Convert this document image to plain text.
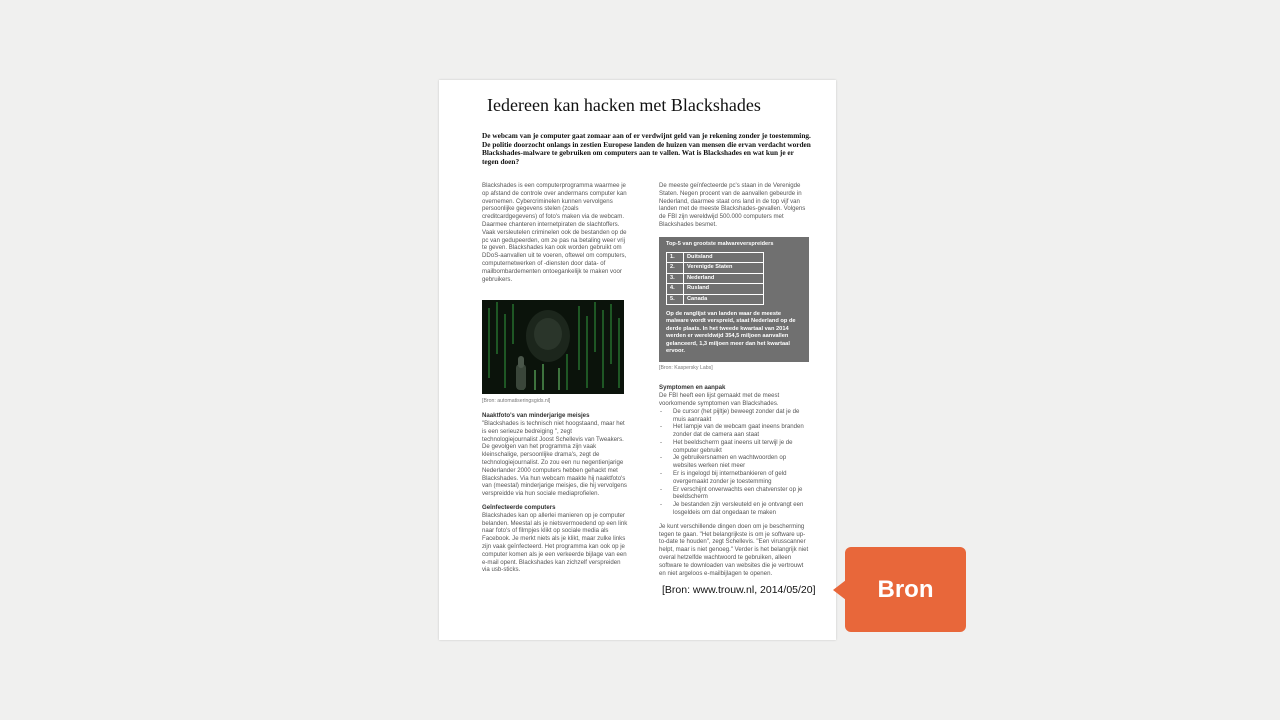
Iedereen kan hacken met Blackshades
De webcam van je computer gaat zomaar aan of er verdwijnt geld van je rekening zonder je toestemming. De politie doorzocht onlangs in zestien Europese landen de huizen van mensen die ervan verdacht worden Blackshades-malware te gebruiken om computers aan te vallen. Wat is Blackshades en wat kun je er tegen doen?

Blackshades is een computerprogramma waarmee je op afstand de controle over andermans computer kan overnemen. Cybercriminelen kunnen vervolgens persoonlijke gegevens stelen (zoals creditcardgegevens) of foto's maken via de webcam. Daarmee chanteren internetpiraten de slachtoffers. Vaak versleutelen criminelen ook de bestanden op de pc van gedupeerden, om ze pas na betaling weer vrij te geven. Blackshades kan ook worden gebruikt om DDoS-aanvallen uit te voeren, oftewel om computers, computernetwerken of -diensten door data- of mailbombardementen ontoegankelijk te maken voor gebruikers.

[Bron: automatiseringsgids.nl]
Naaktfoto's van minderjarige meisjes

"Blackshades is technisch niet hoogstaand, maar het is een serieuze bedreiging ", zegt technologiejournalist Joost Schellevis van Tweakers. De gevolgen van het programma zijn vaak kleinschalige, persoonlijke drama's, zegt de technologiejournalist. Zo zou een nu negentienjarige Nederlander 2000 computers hebben gehackt met Blackshades. Via hun webcam maakte hij naaktfoto's van (meestal) minderjarige meisjes, die hij vervolgens verspreidde via hun sociale mediaprofielen.

Geïnfecteerde computers

Blackshades kan op allerlei manieren op je computer belanden. Meestal als je nietsvermoedend op een link naar foto's of filmpjes klikt op sociale media als Facebook. Je merkt niets als je klikt, maar zulke links zijn vaak geïnfecteerd. Het programma kan ook op je computer komen als je een verkeerde bijlage van een e-mail opent. Blackshades kan zichzelf verspreiden via usb-sticks.

De meeste geïnfecteerde pc's staan in de Verenigde Staten. Negen procent van de aanvallen gebeurde in Nederland, daarmee staat ons land in de top vijf van landen met de meeste Blackshades-gevallen. Volgens de FBI zijn wereldwijd 500.000 computers met Blackshades besmet.

Top-5 van grootste malwareverspreiders
1.	Duitsland
2.	Verenigde Staten
3.	Nederland
4.	Rusland
5.	Canada
Op de ranglijst van landen waar de meeste malware wordt verspreid, staat Nederland op de derde plaats. In het tweede kwartaal van 2014 werden er wereldwijd 354,5 miljoen aanvallen gelanceerd, 1,3 miljoen meer dan het kwartaal ervoor.
[Bron: Kaspersky Labs]
Symptomen en aanpak

De FBI heeft een lijst gemaakt met de meest voorkomende symptomen van Blackshades.

- De cursor (het pijltje) beweegt zonder dat je de muis aanraakt
- Het lampje van de webcam gaat ineens branden zonder dat de camera aan staat
- Het beeldscherm gaat ineens uit terwijl je de computer gebruikt
- Je gebruikersnamen en wachtwoorden op websites werken niet meer
- Er is ingelogd bij internetbankieren of geld overgemaakt zonder je toestemming
- Er verschijnt onverwachts een chatvenster op je beeldscherm
- Je bestanden zijn versleuteld en je ontvangt een losgeldeis om dat ongedaan te maken

Je kunt verschillende dingen doen om je bescherming tegen te gaan. "Het belangrijkste is om je software up-to-date te houden", zegt Schellevis. "Een virusscanner helpt, maar is niet genoeg." Verder is het belangrijk niet overal hetzelfde wachtwoord te gebruiken, alleen software te downloaden van websites die je vertrouwt en niet argeloos e-mailbijlagen te openen.

[Bron: www.trouw.nl, 2014/05/20]	Bron
